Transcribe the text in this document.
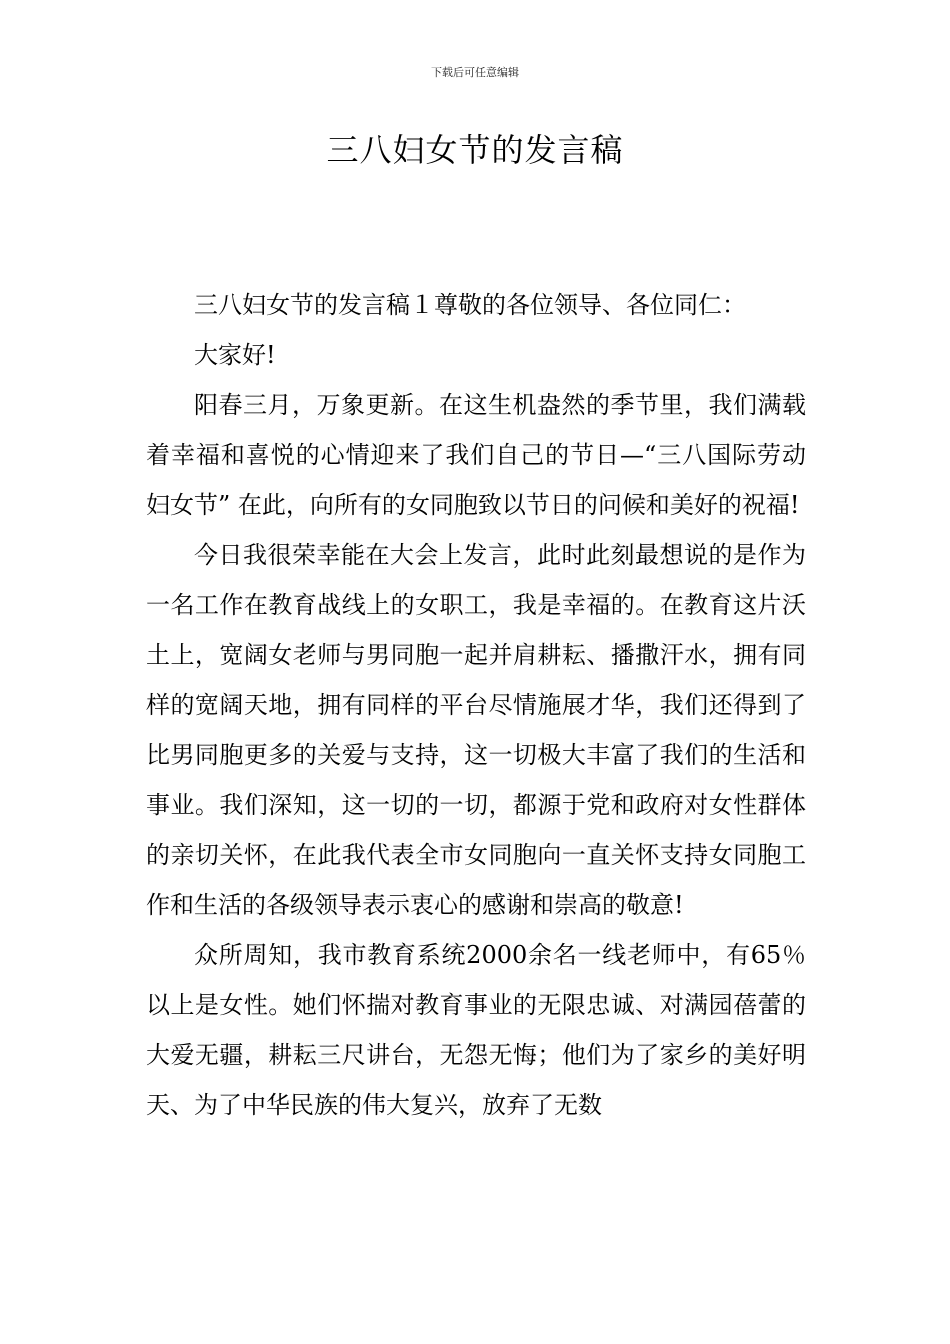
下载后可任意编辑
三八妇女节的发言稿

三八妇女节的发言稿１尊敬的各位领导、各位同仁：

大家好!

阳春三月，万象更新。在这生机盎然的季节里，我们满载着幸福和喜悦的心情迎来了我们自己的节日—“三八国际劳动妇女节” 在此，向所有的女同胞致以节日的问候和美好的祝福!

今日我很荣幸能在大会上发言，此时此刻最想说的是作为一名工作在教育战线上的女职工，我是幸福的。在教育这片沃土上，宽阔女老师与男同胞一起并肩耕耘、播撒汗水，拥有同样的宽阔天地，拥有同样的平台尽情施展才华，我们还得到了比男同胞更多的关爱与支持，这一切极大丰富了我们的生活和事业。我们深知，这一切的一切，都源于党和政府对女性群体的亲切关怀，在此我代表全市女同胞向一直关怀支持女同胞工作和生活的各级领导表示衷心的感谢和崇高的敬意!

众所周知，我市教育系统2000余名一线老师中，有65％以上是女性。她们怀揣对教育事业的无限忠诚、对满园蓓蕾的大爱无疆，耕耘三尺讲台，无怨无悔；他们为了家乡的美好明天、为了中华民族的伟大复兴，放弃了无数
